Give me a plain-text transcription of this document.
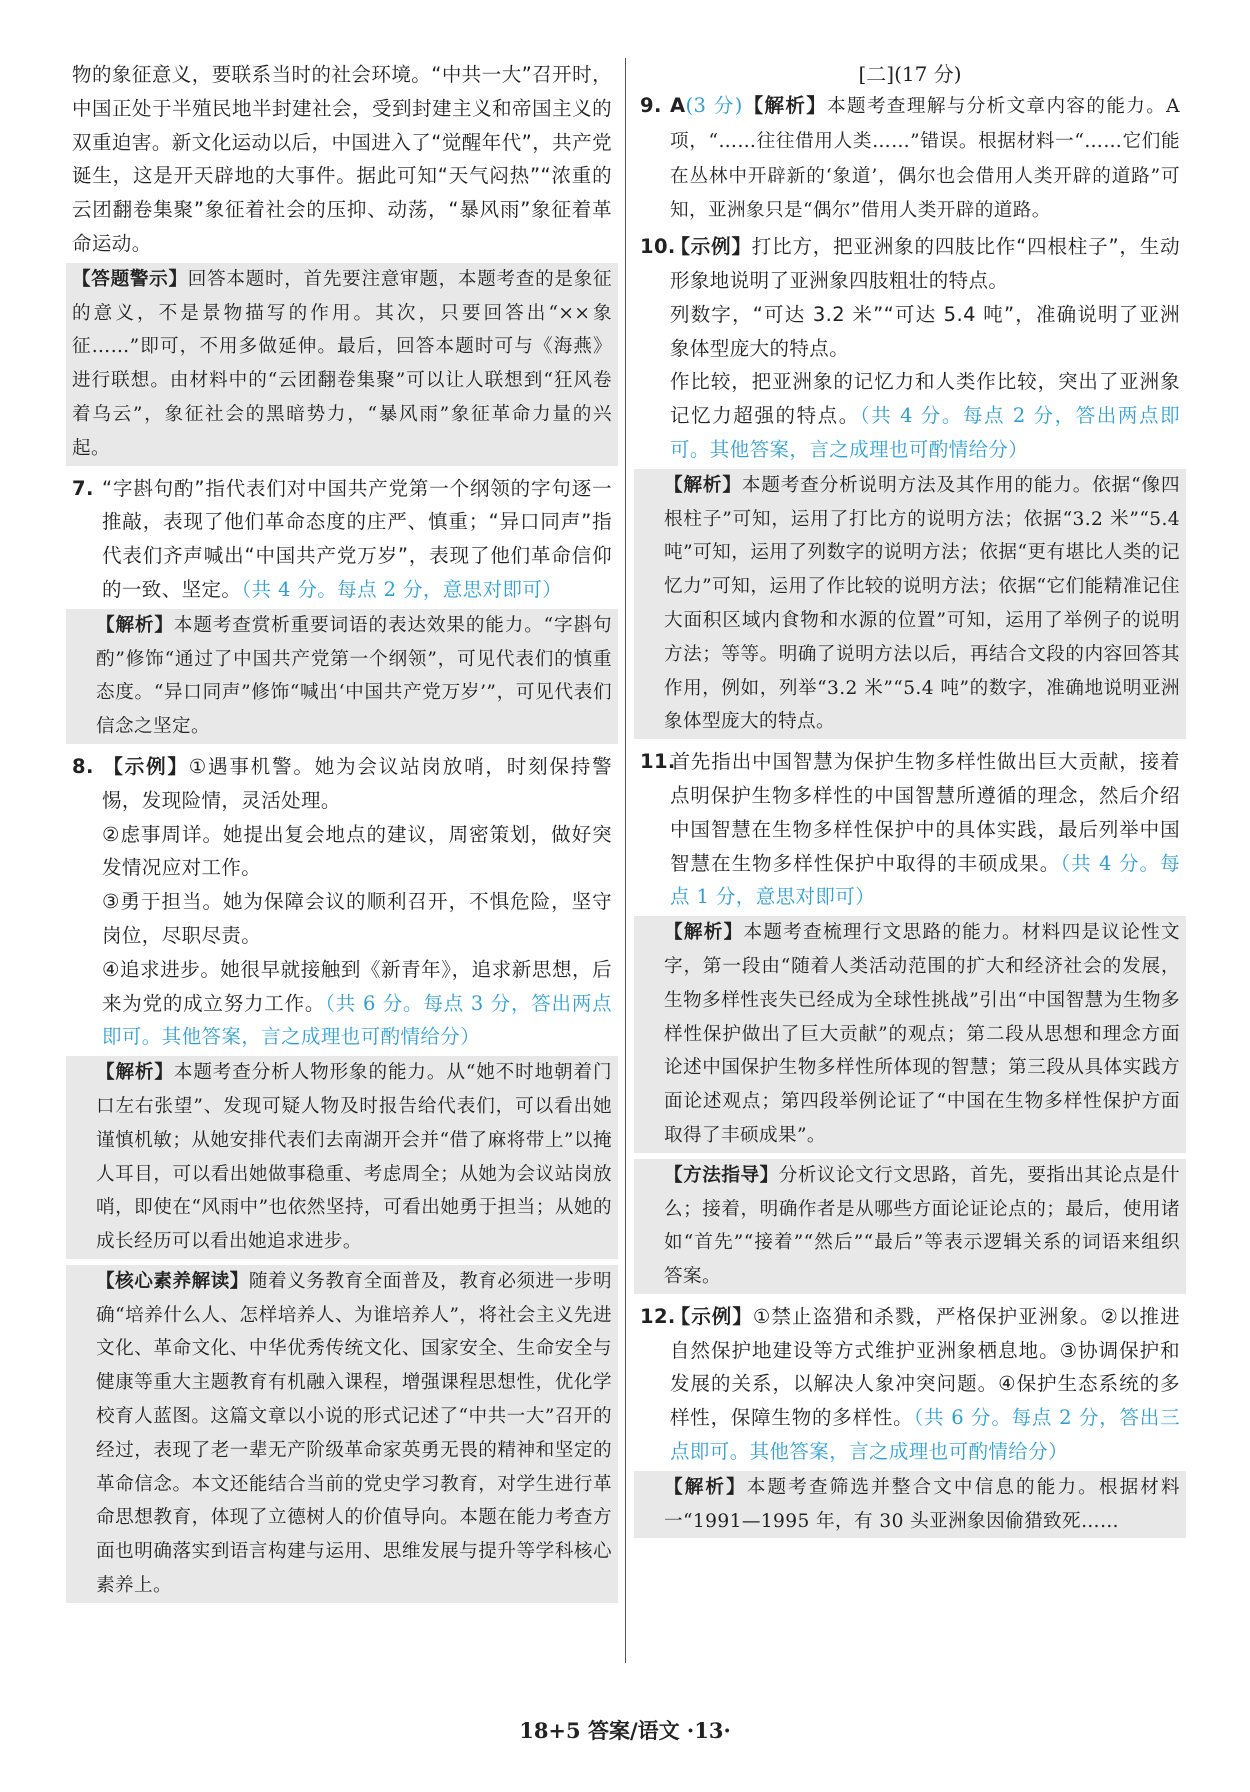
物的象征意义，要联系当时的社会环境。“中共一大”召开时，中国正处于半殖民地半封建社会，受到封建主义和帝国主义的双重迫害。新文化运动以后，中国进入了“觉醒年代”，共产党诞生，这是开天辟地的大事件。据此可知“天气闷热”“浓重的云团翻卷集聚”象征着社会的压抑、动荡，“暴风雨”象征着革命运动。

【答题警示】回答本题时，首先要注意审题，本题考查的是象征的意义，不是景物描写的作用。其次，只要回答出“××象征……”即可，不用多做延伸。最后，回答本题时可与《海燕》进行联想。由材料中的“云团翻卷集聚”可以让人联想到“狂风卷着乌云”，象征社会的黑暗势力，“暴风雨”象征革命力量的兴起。
7. “字斟句酌”指代表们对中国共产党第一个纲领的字句逐一推敲，表现了他们革命态度的庄严、慎重；“异口同声”指代表们齐声喊出“中国共产党万岁”，表现了他们革命信仰的一致、坚定。（共 4 分。每点 2 分，意思对即可）
【解析】本题考查赏析重要词语的表达效果的能力。“字斟句酌”修饰“通过了中国共产党第一个纲领”，可见代表们的慎重态度。“异口同声”修饰“喊出‘中国共产党万岁’”，可见代表们信念之坚定。
8. 【示例】①遇事机警。她为会议站岗放哨，时刻保持警惕，发现险情，灵活处理。
②虑事周详。她提出复会地点的建议，周密策划，做好突发情况应对工作。
③勇于担当。她为保障会议的顺利召开，不惧危险，坚守岗位，尽职尽责。
④追求进步。她很早就接触到《新青年》，追求新思想，后来为党的成立努力工作。（共 6 分。每点 3 分，答出两点即可。其他答案，言之成理也可酌情给分）
【解析】本题考查分析人物形象的能力。从“她不时地朝着门口左右张望”、发现可疑人物及时报告给代表们，可以看出她谨慎机敏；从她安排代表们去南湖开会并“借了麻将带上”以掩人耳目，可以看出她做事稳重、考虑周全；从她为会议站岗放哨，即使在“风雨中”也依然坚持，可看出她勇于担当；从她的成长经历可以看出她追求进步。
【核心素养解读】随着义务教育全面普及，教育必须进一步明确“培养什么人、怎样培养人、为谁培养人”，将社会主义先进文化、革命文化、中华优秀传统文化、国家安全、生命安全与健康等重大主题教育有机融入课程，增强课程思想性，优化学校育人蓝图。这篇文章以小说的形式记述了“中共一大”召开的经过，表现了老一辈无产阶级革命家英勇无畏的精神和坚定的革命信念。本文还能结合当前的党史学习教育，对学生进行革命思想教育，体现了立德树人的价值导向。本题在能力考查方面也明确落实到语言构建与运用、思维发展与提升等学科核心素养上。
[二](17 分)
9. A(3 分)【解析】本题考查理解与分析文章内容的能力。A 项，“……往往借用人类……”错误。根据材料一“……它们能在丛林中开辟新的‘象道’，偶尔也会借用人类开辟的道路”可知，亚洲象只是“偶尔”借用人类开辟的道路。
10.【示例】打比方，把亚洲象的四肢比作“四根柱子”，生动形象地说明了亚洲象四肢粗壮的特点。
列数字，“可达 3.2 米”“可达 5.4 吨”，准确说明了亚洲象体型庞大的特点。
作比较，把亚洲象的记忆力和人类作比较，突出了亚洲象记忆力超强的特点。（共 4 分。每点 2 分，答出两点即可。其他答案，言之成理也可酌情给分）
【解析】本题考查分析说明方法及其作用的能力。依据“像四根柱子”可知，运用了打比方的说明方法；依据“3.2 米”“5.4 吨”可知，运用了列数字的说明方法；依据“更有堪比人类的记忆力”可知，运用了作比较的说明方法；依据“它们能精准记住大面积区域内食物和水源的位置”可知，运用了举例子的说明方法；等等。明确了说明方法以后，再结合文段的内容回答其作用，例如，列举“3.2 米”“5.4 吨”的数字，准确地说明亚洲象体型庞大的特点。
11.首先指出中国智慧为保护生物多样性做出巨大贡献，接着点明保护生物多样性的中国智慧所遵循的理念，然后介绍中国智慧在生物多样性保护中的具体实践，最后列举中国智慧在生物多样性保护中取得的丰硕成果。（共 4 分。每点 1 分，意思对即可）
【解析】本题考查梳理行文思路的能力。材料四是议论性文字，第一段由“随着人类活动范围的扩大和经济社会的发展，生物多样性丧失已经成为全球性挑战”引出“中国智慧为生物多样性保护做出了巨大贡献”的观点；第二段从思想和理念方面论述中国保护生物多样性所体现的智慧；第三段从具体实践方面论述观点；第四段举例论证了“中国在生物多样性保护方面取得了丰硕成果”。
【方法指导】分析议论文行文思路，首先，要指出其论点是什么；接着，明确作者是从哪些方面论证论点的；最后，使用诸如“首先”“接着”“然后”“最后”等表示逻辑关系的词语来组织答案。
12.【示例】①禁止盗猎和杀戮，严格保护亚洲象。②以推进自然保护地建设等方式维护亚洲象栖息地。③协调保护和发展的关系，以解决人象冲突问题。④保护生态系统的多样性，保障生物的多样性。（共 6 分。每点 2 分，答出三点即可。其他答案，言之成理也可酌情给分）
【解析】本题考查筛选并整合文中信息的能力。根据材料一“1991—1995 年，有 30 头亚洲象因偷猎致死……
18+5 答案/语文 ·13·
